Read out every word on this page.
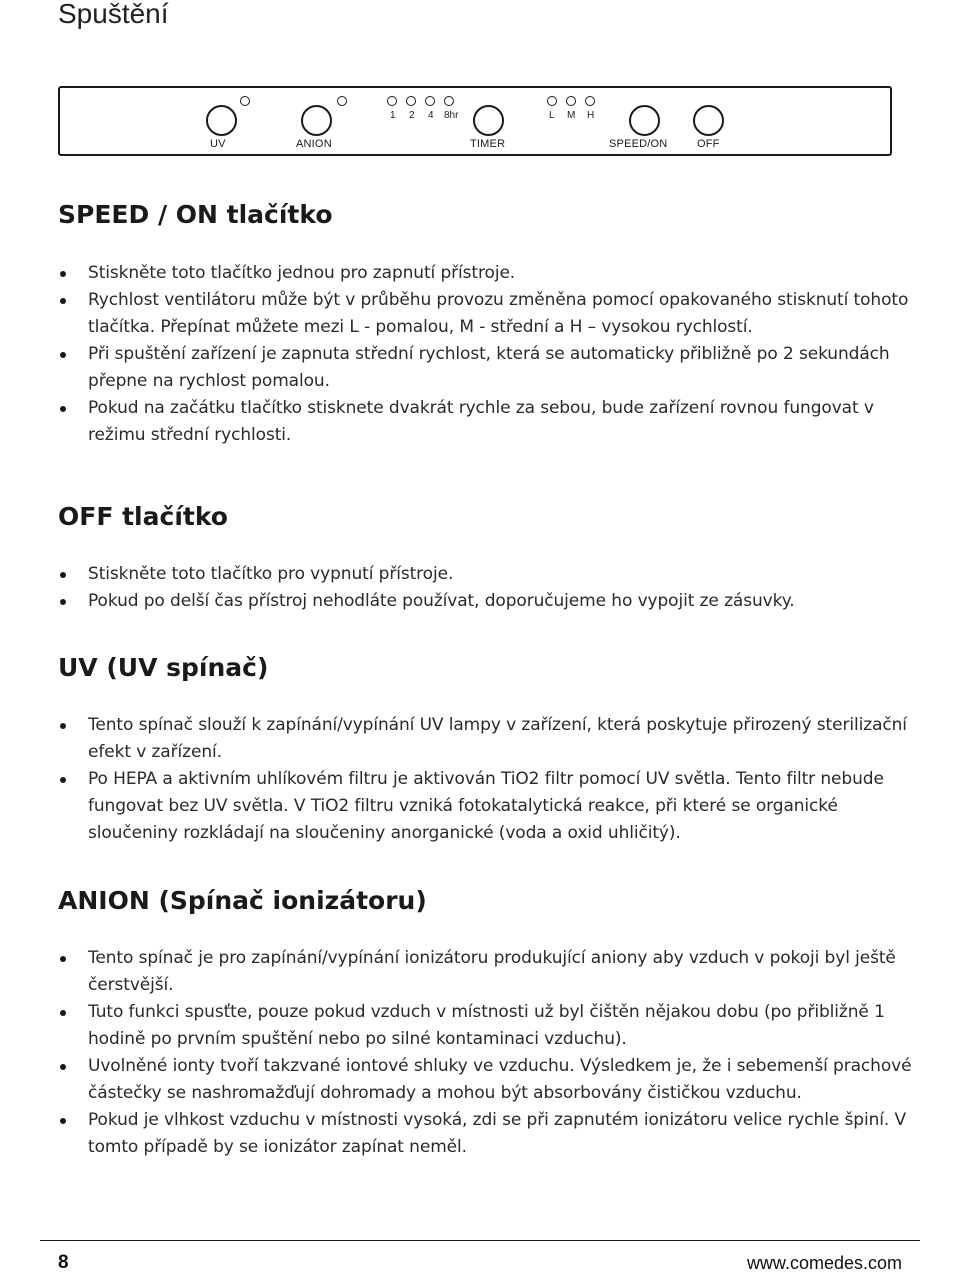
Spuštění
UV	ANION
1 2 4 8hr
TIMER
L M H
SPEED/ON	OFF
SPEED / ON tlačítko
Stiskněte toto tlačítko jednou pro zapnutí přístroje.
Rychlost ventilátoru může být v průběhu provozu změněna pomocí opakovaného stisknutí tohoto tlačítka. Přepínat můžete mezi L - pomalou, M - střední a H – vysokou rychlostí.
Při spuštění zařízení je zapnuta střední rychlost, která se automaticky přibližně po 2 sekundách přepne na rychlost pomalou.
Pokud na začátku tlačítko stisknete dvakrát rychle za sebou, bude zařízení rovnou fungovat v režimu střední rychlosti.
OFF tlačítko
Stiskněte toto tlačítko pro vypnutí přístroje.
Pokud po delší čas přístroj nehodláte používat, doporučujeme ho vypojit ze zásuvky.
UV (UV spínač)
Tento spínač slouží k zapínání/vypínání UV lampy v zařízení, která poskytuje přirozený sterilizační efekt v zařízení.
Po HEPA a aktivním uhlíkovém filtru je aktivován TiO2 filtr pomocí UV světla. Tento filtr nebude fungovat bez UV světla. V TiO2 filtru vzniká fotokatalytická reakce, při které se organické sloučeniny rozkládají na sloučeniny anorganické (voda a oxid uhličitý).
ANION (Spínač ionizátoru)
Tento spínač je pro zapínání/vypínání ionizátoru produkující aniony aby vzduch v pokoji byl ještě čerstvější.
Tuto funkci spusťte, pouze pokud vzduch v místnosti už byl čištěn nějakou dobu (po přibližně 1 hodině po prvním spuštění nebo po silné kontaminaci vzduchu).
Uvolněné ionty tvoří takzvané iontové shluky ve vzduchu. Výsledkem je, že i sebemenší prachové částečky se nashromažďují dohromady a mohou být absorbovány čističkou vzduchu.
Pokud je vlhkost vzduchu v místnosti vysoká, zdi se při zapnutém ionizátoru velice rychle špiní. V tomto případě by se ionizátor zapínat neměl.
8	www.comedes.com
